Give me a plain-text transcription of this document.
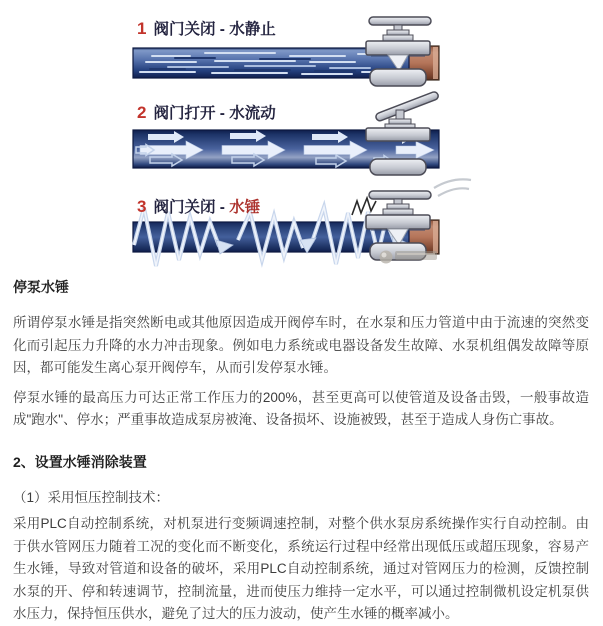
1 阀门关闭 - 水静止
2 阀门打开 - 水流动
3 阀门关闭 - 水锤
停泵水锤

所谓停泵水锤是指突然断电或其他原因造成开阀停车时，在水泵和压力管道中由于流速的突然变化而引起压力升降的水力冲击现象。例如电力系统或电器设备发生故障、水泵机组偶发故障等原因，都可能发生离心泵开阀停车，从而引发停泵水锤。

停泵水锤的最高压力可达正常工作压力的200%，甚至更高可以使管道及设备击毁，一般事故造成"跑水"、停水；严重事故造成泵房被淹、设备损坏、设施被毁，甚至于造成人身伤亡事故。

2、设置水锤消除装置

（1）采用恒压控制技术：

采用PLC自动控制系统，对机泵进行变频调速控制，对整个供水泵房系统操作实行自动控制。由于供水管网压力随着工况的变化而不断变化，系统运行过程中经常出现低压或超压现象，容易产生水锤，导致对管道和设备的破坏，采用PLC自动控制系统，通过对管网压力的检测，反馈控制水泵的开、停和转速调节，控制流量，进而使压力维持一定水平，可以通过控制微机设定机泵供水压力，保持恒压供水，避免了过大的压力波动，使产生水锤的概率减小。
